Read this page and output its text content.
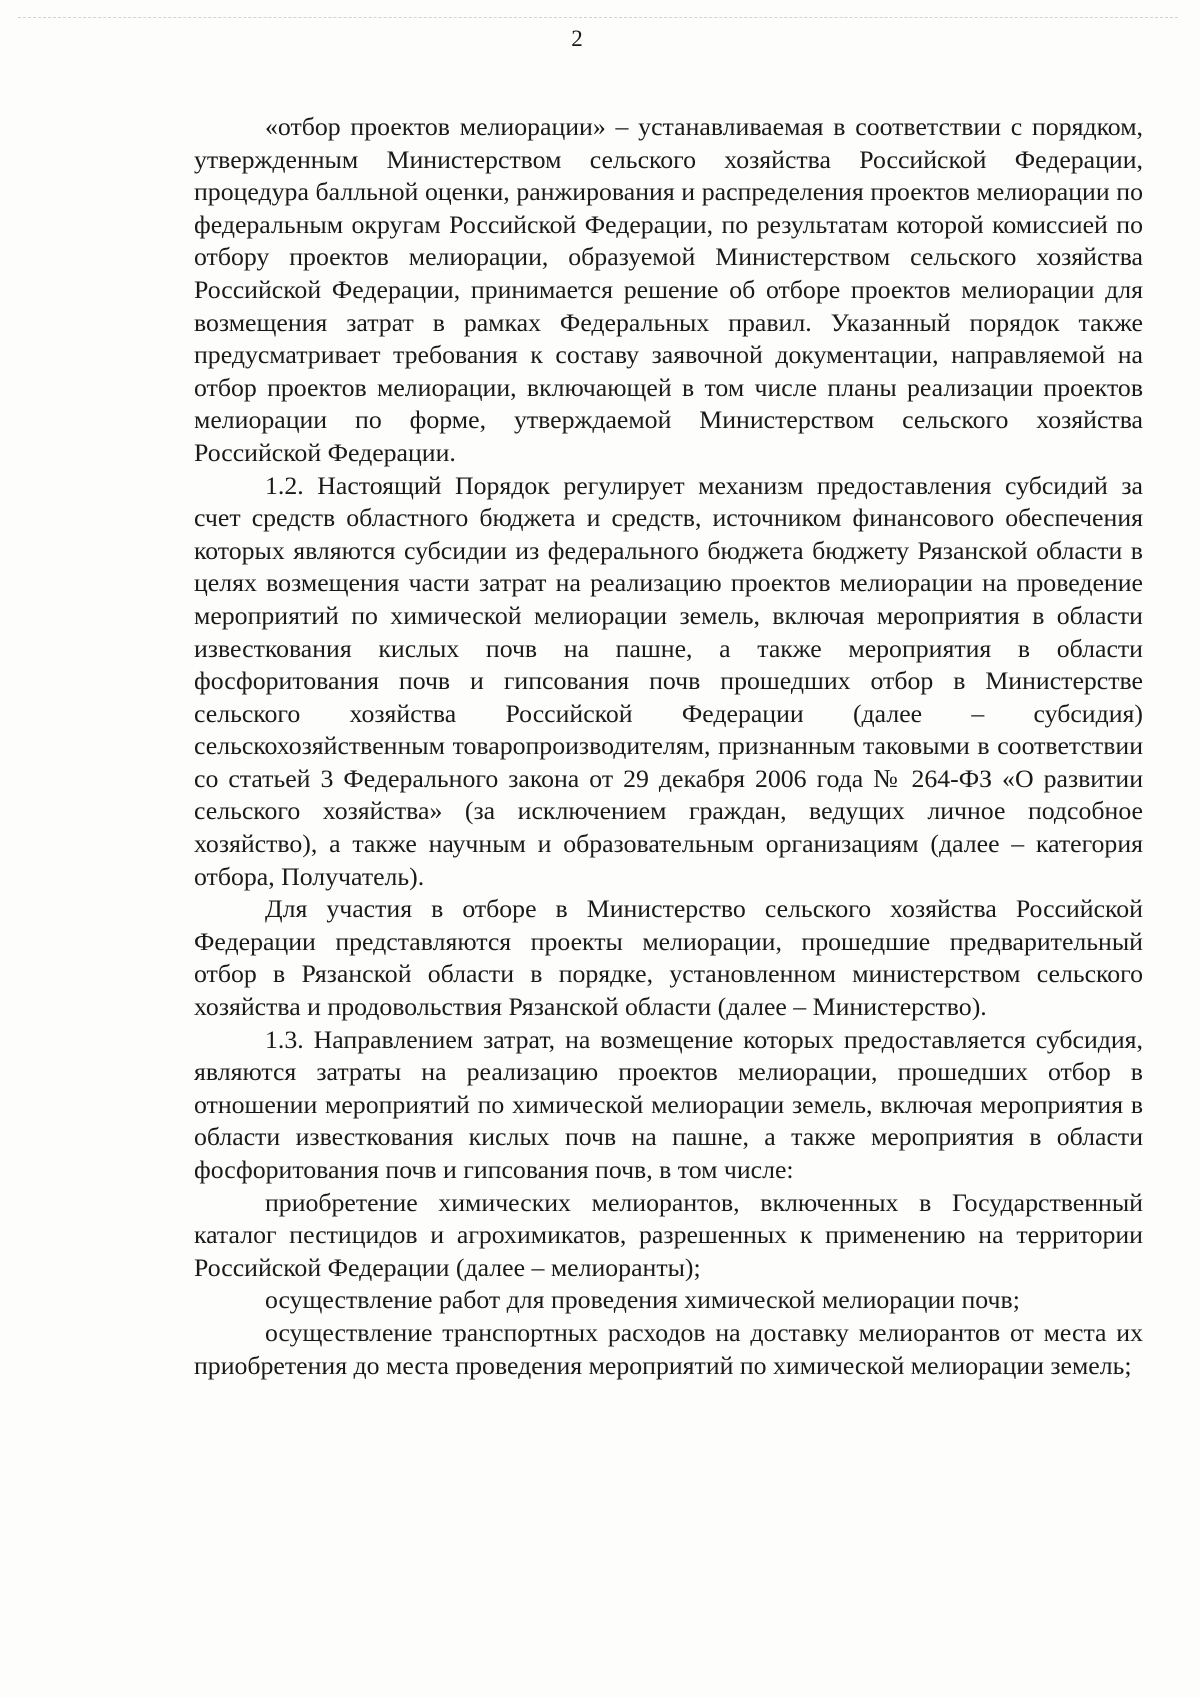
2

«отбор проектов мелиорации» – устанавливаемая в соответствии с порядком, утвержденным Министерством сельского хозяйства Российской Федерации, процедура балльной оценки, ранжирования и распределения проектов мелиорации по федеральным округам Российской Федерации, по результатам которой комиссией по отбору проектов мелиорации, образуемой Министерством сельского хозяйства Российской Федерации, принимается решение об отборе проектов мелиорации для возмещения затрат в рамках Федеральных правил. Указанный порядок также предусматривает требования к составу заявочной документации, направляемой на отбор проектов мелиорации, включающей в том числе планы реализации проектов мелиорации по форме, утверждаемой Министерством сельского хозяйства Российской Федерации.

1.2. Настоящий Порядок регулирует механизм предоставления субсидий за счет средств областного бюджета и средств, источником финансового обеспечения которых являются субсидии из федерального бюджета бюджету Рязанской области в целях возмещения части затрат на реализацию проектов мелиорации на проведение мероприятий по химической мелиорации земель, включая мероприятия в области известкования кислых почв на пашне, а также мероприятия в области фосфоритования почв и гипсования почв прошедших отбор в Министерстве сельского хозяйства Российской Федерации (далее – субсидия) сельскохозяйственным товаропроизводителям, признанным таковыми в соответствии со статьей 3 Федерального закона от 29 декабря 2006 года № 264-ФЗ «О развитии сельского хозяйства» (за исключением граждан, ведущих личное подсобное хозяйство), а также научным и образовательным организациям (далее – категория отбора, Получатель).

Для участия в отборе в Министерство сельского хозяйства Российской Федерации представляются проекты мелиорации, прошедшие предварительный отбор в Рязанской области в порядке, установленном министерством сельского хозяйства и продовольствия Рязанской области (далее – Министерство).

1.3. Направлением затрат, на возмещение которых предоставляется субсидия, являются затраты на реализацию проектов мелиорации, прошедших отбор в отношении мероприятий по химической мелиорации земель, включая мероприятия в области известкования кислых почв на пашне, а также мероприятия в области фосфоритования почв и гипсования почв, в том числе:

приобретение химических мелиорантов, включенных в Государственный каталог пестицидов и агрохимикатов, разрешенных к применению на территории Российской Федерации (далее – мелиоранты);

осуществление работ для проведения химической мелиорации почв;

осуществление транспортных расходов на доставку мелиорантов от места их приобретения до места проведения мероприятий по химической мелиорации земель;
